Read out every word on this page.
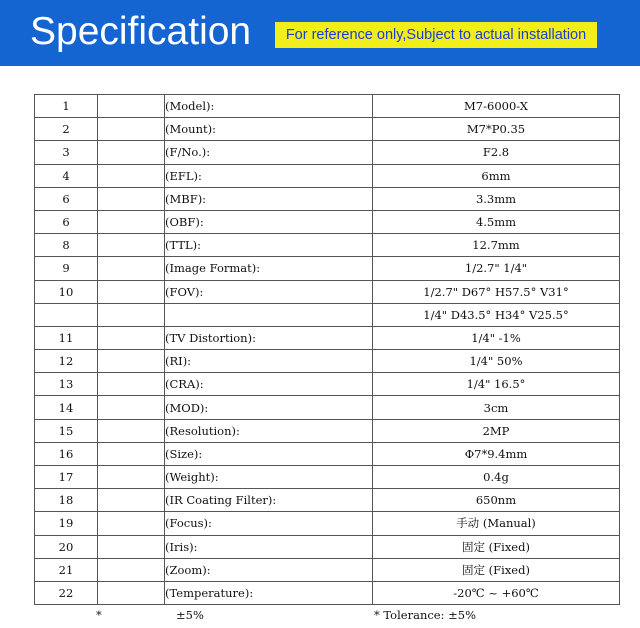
Specification	For reference only,Subject to actual installation
1		(Model):	M7-6000-X
2		(Mount):	M7*P0.35
3		(F/No.):	F2.8
4		(EFL):	6mm
6		(MBF):	3.3mm
6		(OBF):	4.5mm
8		(TTL):	12.7mm
9		(Image Format):	1/2.7" 1/4"
10		(FOV):	1/2.7" D67° H57.5° V31°
			1/4" D43.5° H34° V25.5°
11		(TV Distortion):	1/4" -1%
12		(RI):	1/4" 50%
13		(CRA):	1/4" 16.5°
14		(MOD):	3cm
15		(Resolution):	2MP
16		(Size):	Φ7*9.4mm
17		(Weight):	0.4g
18		(IR Coating Filter):	650nm
19		(Focus):	手动 (Manual)
20		(Iris):	固定 (Fixed)
21		(Zoom):	固定 (Fixed)
22		(Temperature):	-20℃ ~ +60℃
*	±5%	* Tolerance: ±5%
